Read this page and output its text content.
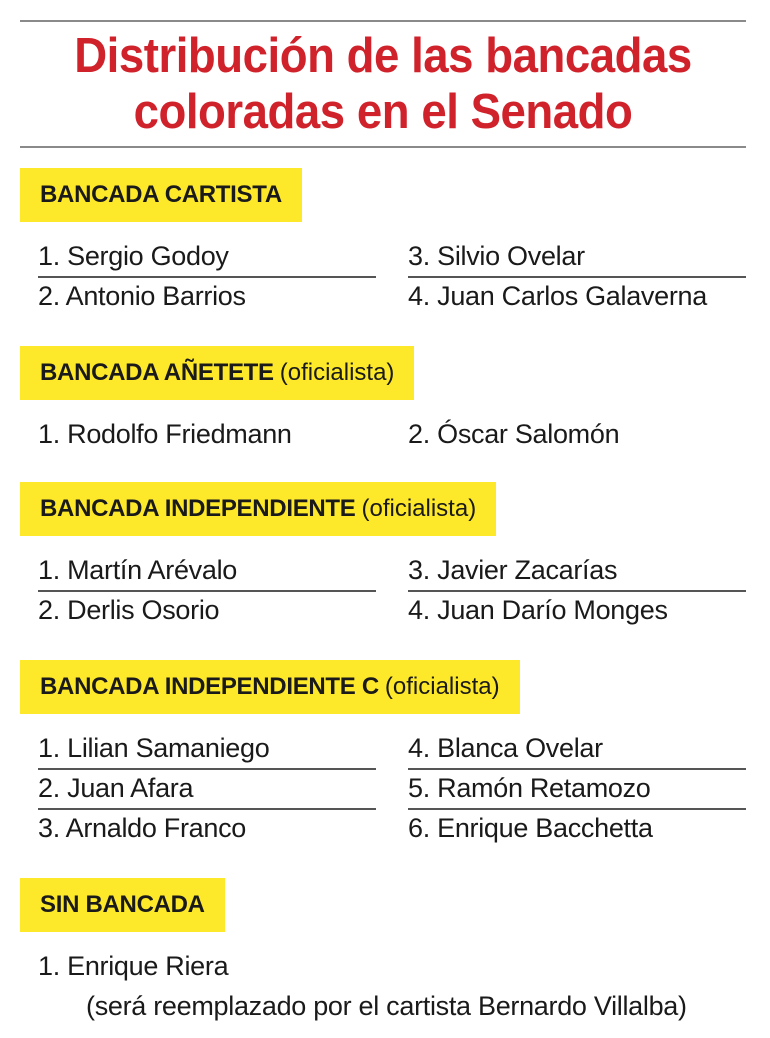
Distribución de las bancadas
coloradas en el Senado
BANCADA CARTISTA
1. Sergio Godoy
2. Antonio Barrios
3. Silvio Ovelar
4. Juan Carlos Galaverna
BANCADA AÑETETE (oficialista)
1. Rodolfo Friedmann	2. Óscar Salomón
BANCADA INDEPENDIENTE (oficialista)
1. Martín Arévalo
2. Derlis Osorio
3. Javier Zacarías
4. Juan Darío Monges
BANCADA INDEPENDIENTE C (oficialista)
1. Lilian Samaniego
2. Juan Afara
3. Arnaldo Franco
4. Blanca Ovelar
5. Ramón Retamozo
6. Enrique Bacchetta
SIN BANCADA
1. Enrique Riera
(será reemplazado por el cartista Bernardo Villalba)
